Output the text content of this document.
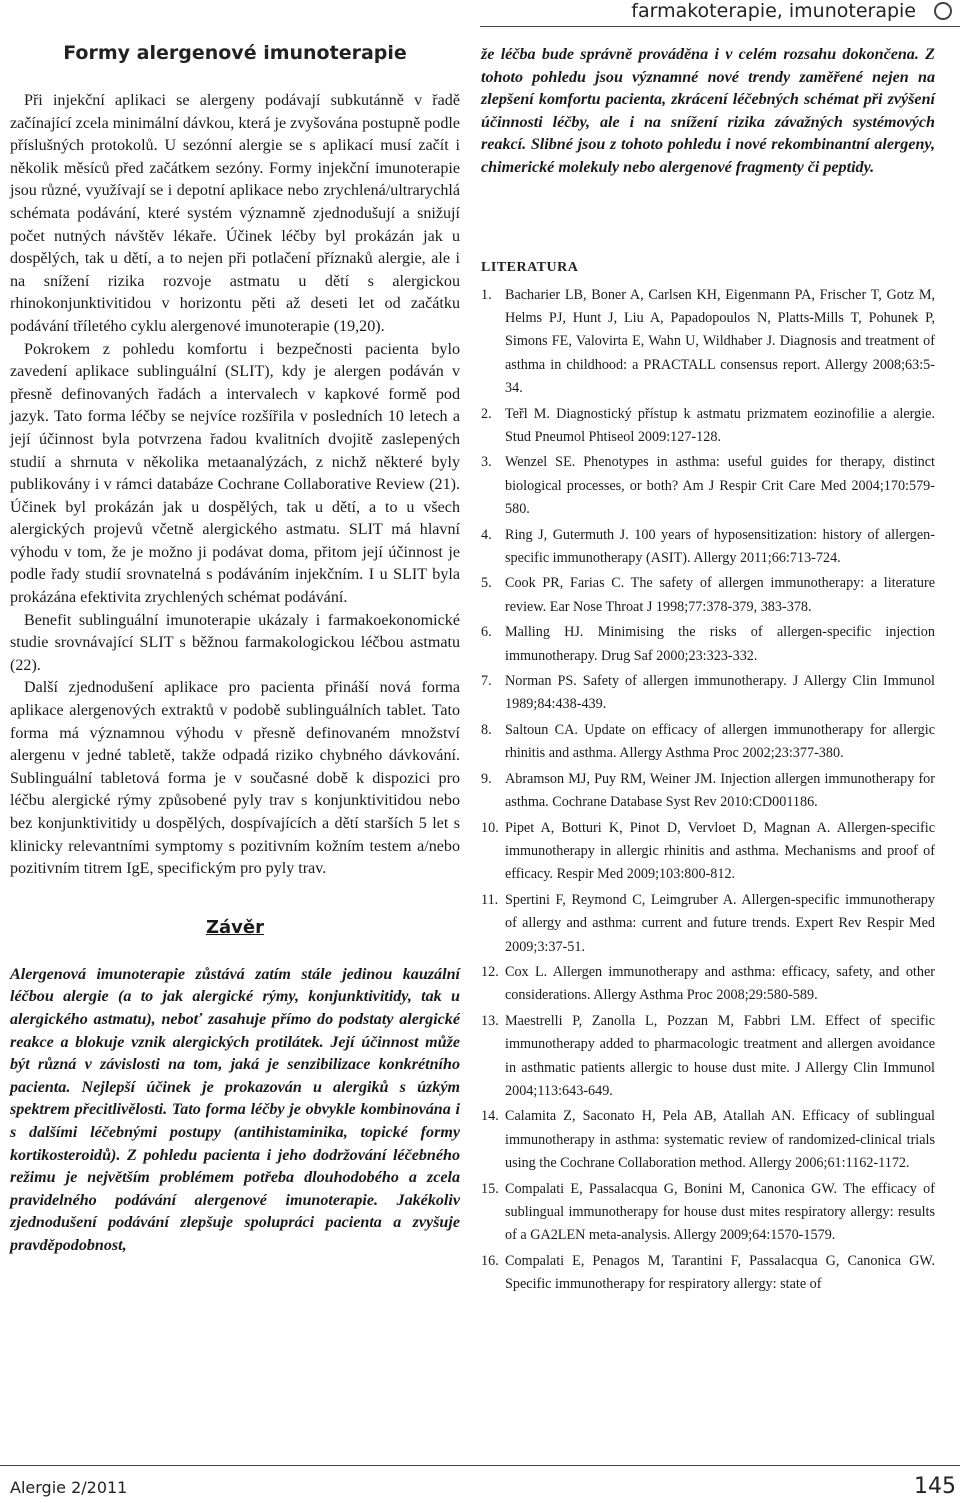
farmakoterapie, imunoterapie
Formy alergenové imunoterapie

Při injekční aplikaci se alergeny podávají subkutánně v řadě začínající zcela minimální dávkou, která je zvyšována postupně podle příslušných protokolů. U sezónní alergie se s aplikací musí začít i několik měsíců před začátkem sezóny. Formy injekční imunoterapie jsou různé, využívají se i depotní aplikace nebo zrychlená/ultrarychlá schémata podávání, které systém významně zjednodušují a snižují počet nutných návštěv lékaře. Účinek léčby byl prokázán jak u dospělých, tak u dětí, a to nejen při potlačení příznaků alergie, ale i na snížení rizika rozvoje astmatu u dětí s alergickou rhinokonjunktivitidou v horizontu pěti až deseti let od začátku podávání tříletého cyklu alergenové imunoterapie (19,20).

Pokrokem z pohledu komfortu i bezpečnosti pacienta bylo zavedení aplikace sublinguální (SLIT), kdy je alergen podáván v přesně definovaných řadách a intervalech v kapkové formě pod jazyk. Tato forma léčby se nejvíce rozšířila v posledních 10 letech a její účinnost byla potvrzena řadou kvalitních dvojitě zaslepených studií a shrnuta v několika metaanalýzách, z nichž některé byly publikovány i v rámci databáze Cochrane Collaborative Review (21). Účinek byl prokázán jak u dospělých, tak u dětí, a to u všech alergických projevů včetně alergického astmatu. SLIT má hlavní výhodu v tom, že je možno ji podávat doma, přitom její účinnost je podle řady studií srovnatelná s podáváním injekčním. I u SLIT byla prokázána efektivita zrychlených schémat podávání.

Benefit sublinguální imunoterapie ukázaly i farmakoekonomické studie srovnávající SLIT s běžnou farmakologickou léčbou astmatu (22).

Další zjednodušení aplikace pro pacienta přináší nová forma aplikace alergenových extraktů v podobě sublinguálních tablet. Tato forma má významnou výhodu v přesně definovaném množství alergenu v jedné tabletě, takže odpadá riziko chybného dávkování. Sublinguální tabletová forma je v současné době k dispozici pro léčbu alergické rýmy způsobené pyly trav s konjunktivitidou nebo bez konjunktivitidy u dospělých, dospívajících a dětí starších 5 let s klinicky relevantními symptomy s pozitivním kožním testem a/nebo pozitivním titrem IgE, specifickým pro pyly trav.

Závěr

Alergenová imunoterapie zůstává zatím stále jedinou kauzální léčbou alergie (a to jak alergické rýmy, konjunktivitidy, tak u alergického astmatu), neboť zasahuje přímo do podstaty alergické reakce a blokuje vznik alergických protilátek. Její účinnost může být různá v závislosti na tom, jaká je senzibilizace konkrétního pacienta. Nejlepší účinek je prokazován u alergiků s úzkým spektrem přecitlivělosti. Tato forma léčby je obvykle kombinována i s dalšími léčebnými postupy (antihistaminika, topické formy kortikosteroidů). Z pohledu pacienta i jeho dodržování léčebného režimu je největším problémem potřeba dlouhodobého a zcela pravidelného podávání alergenové imunoterapie. Jakékoliv zjednodušení podávání zlepšuje spolupráci pacienta a zvyšuje pravděpodobnost,

že léčba bude správně prováděna i v celém rozsahu dokončena. Z tohoto pohledu jsou významné nové trendy zaměřené nejen na zlepšení komfortu pacienta, zkrácení léčebných schémat při zvýšení účinnosti léčby, ale i na snížení rizika závažných systémových reakcí. Slibné jsou z tohoto pohledu i nové rekombinantní alergeny, chimerické molekuly nebo alergenové fragmenty či peptidy.

LITERATURA
1. Bacharier LB, Boner A, Carlsen KH, Eigenmann PA, Frischer T, Gotz M, Helms PJ, Hunt J, Liu A, Papadopoulos N, Platts-Mills T, Pohunek P, Simons FE, Valovirta E, Wahn U, Wildhaber J. Diagnosis and treatment of asthma in childhood: a PRACTALL consensus report. Allergy 2008;63:5-34.
2. Teřl M. Diagnostický přístup k astmatu prizmatem eozinofilie a alergie. Stud Pneumol Phtiseol 2009:127-128.
3. Wenzel SE. Phenotypes in asthma: useful guides for therapy, distinct biological processes, or both? Am J Respir Crit Care Med 2004;170:579-580.
4. Ring J, Gutermuth J. 100 years of hyposensitization: history of allergen-specific immunotherapy (ASIT). Allergy 2011;66:713-724.
5. Cook PR, Farias C. The safety of allergen immunotherapy: a literature review. Ear Nose Throat J 1998;77:378-379, 383-378.
6. Malling HJ. Minimising the risks of allergen-specific injection immunotherapy. Drug Saf 2000;23:323-332.
7. Norman PS. Safety of allergen immunotherapy. J Allergy Clin Immunol 1989;84:438-439.
8. Saltoun CA. Update on efficacy of allergen immunotherapy for allergic rhinitis and asthma. Allergy Asthma Proc 2002;23:377-380.
9. Abramson MJ, Puy RM, Weiner JM. Injection allergen immunotherapy for asthma. Cochrane Database Syst Rev 2010:CD001186.
10. Pipet A, Botturi K, Pinot D, Vervloet D, Magnan A. Allergen-specific immunotherapy in allergic rhinitis and asthma. Mechanisms and proof of efficacy. Respir Med 2009;103:800-812.
11. Spertini F, Reymond C, Leimgruber A. Allergen-specific immunotherapy of allergy and asthma: current and future trends. Expert Rev Respir Med 2009;3:37-51.
12. Cox L. Allergen immunotherapy and asthma: efficacy, safety, and other considerations. Allergy Asthma Proc 2008;29:580-589.
13. Maestrelli P, Zanolla L, Pozzan M, Fabbri LM. Effect of specific immunotherapy added to pharmacologic treatment and allergen avoidance in asthmatic patients allergic to house dust mite. J Allergy Clin Immunol 2004;113:643-649.
14. Calamita Z, Saconato H, Pela AB, Atallah AN. Efficacy of sublingual immunotherapy in asthma: systematic review of randomized-clinical trials using the Cochrane Collaboration method. Allergy 2006;61:1162-1172.
15. Compalati E, Passalacqua G, Bonini M, Canonica GW. The efficacy of sublingual immunotherapy for house dust mites respiratory allergy: results of a GA2LEN meta-analysis. Allergy 2009;64:1570-1579.
16. Compalati E, Penagos M, Tarantini F, Passalacqua G, Canonica GW. Specific immunotherapy for respiratory allergy: state of
Alergie 2/2011	145
